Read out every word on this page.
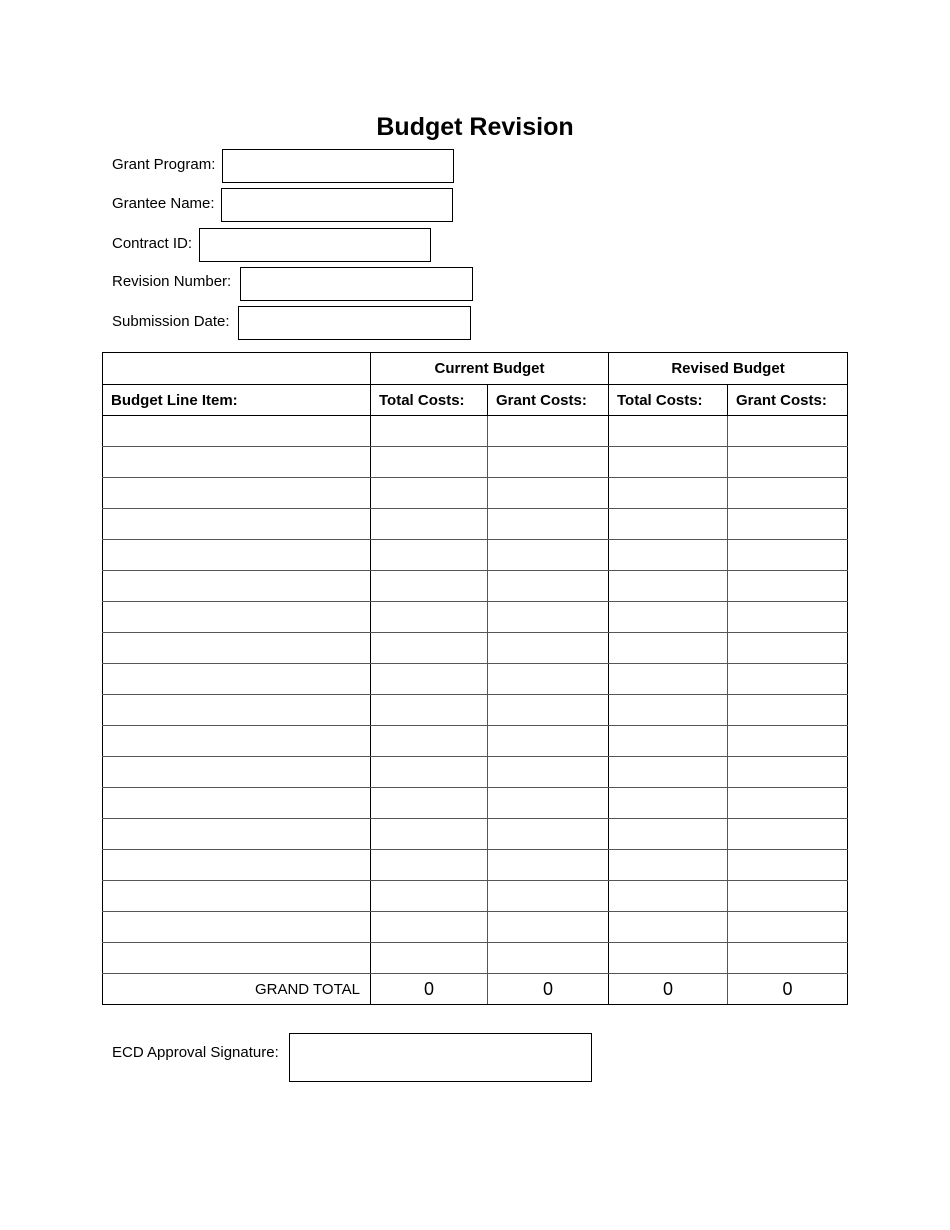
Budget Revision
Grant Program:
Grantee Name:
Contract ID:
Revision Number:
Submission Date:
	Current Budget		Revised Budget	
Budget Line Item:	Total Costs:	Grant Costs:	Total Costs:	Grant Costs:

GRAND TOTAL	0	0	0	0
ECD Approval Signature:
